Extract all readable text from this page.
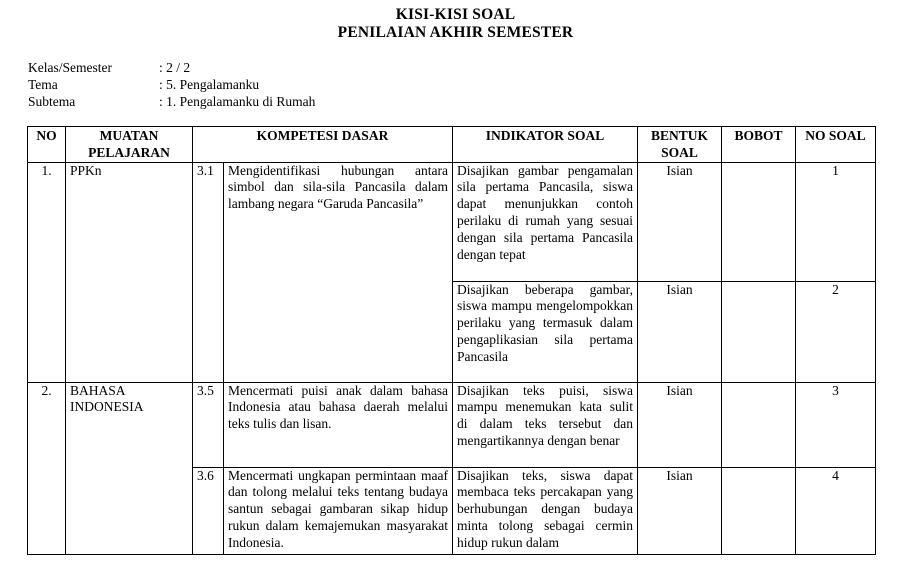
KISI-KISI SOAL
PENILAIAN AKHIR SEMESTER
Kelas/Semester	: 2 / 2
Tema	: 5. Pengalamanku
Subtema	: 1. Pengalamanku di Rumah
NO	MUATAN PELAJARAN	KOMPETESI DASAR		INDIKATOR SOAL	BENTUK SOAL	BOBOT	NO SOAL
1.	PPKn	3.1	Mengidentifikasi hubungan antara simbol dan sila-sila Pancasila dalam lambang negara “Garuda Pancasila”	Disajikan gambar pengamalan sila pertama Pancasila, siswa dapat menunjukkan contoh perilaku di rumah yang sesuai dengan sila pertama Pancasila dengan tepat	Isian		1
				Disajikan beberapa gambar, siswa mampu mengelompokkan perilaku yang termasuk dalam pengaplikasian sila pertama Pancasila	Isian		2
2.	BAHASA INDONESIA	3.5	Mencermati puisi anak dalam bahasa Indonesia atau bahasa daerah melalui teks tulis dan lisan.	Disajikan teks puisi, siswa mampu menemukan kata sulit di dalam teks tersebut dan mengartikannya dengan benar	Isian		3
		3.6	Mencermati ungkapan permintaan maaf dan tolong melalui teks tentang budaya santun sebagai gambaran sikap hidup rukun dalam kemajemukan masyarakat Indonesia.	Disajikan teks, siswa dapat membaca teks percakapan yang berhubungan dengan budaya minta tolong sebagai cermin hidup rukun dalam	Isian		4
